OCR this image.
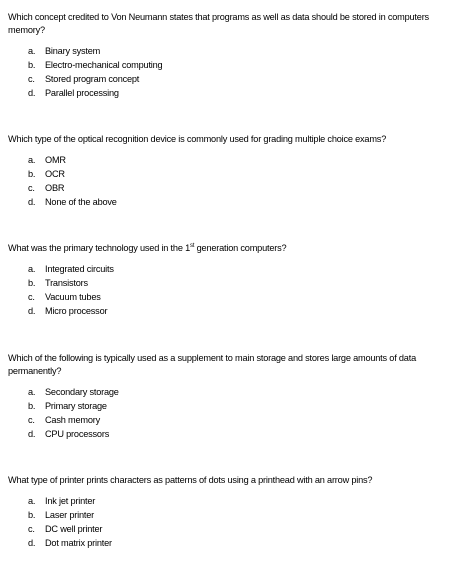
Which concept credited to Von Neumann states that programs as well as data should be stored in computers memory?

a. Binary system
b. Electro-mechanical computing
c. Stored program concept
d. Parallel processing

Which type of the optical recognition device is commonly used for grading multiple choice exams?

a. OMR
b. OCR
c. OBR
d. None of the above

What was the primary technology used in the 1st generation computers?

a. Integrated circuits
b. Transistors
c. Vacuum tubes
d. Micro processor

Which of the following is typically used as a supplement to main storage and stores large amounts of data permanently?

a. Secondary storage
b. Primary storage
c. Cash memory
d. CPU processors

What type of printer prints characters as patterns of dots using a printhead with an arrow pins?

a. Ink jet printer
b. Laser printer
c. DC well printer
d. Dot matrix printer
